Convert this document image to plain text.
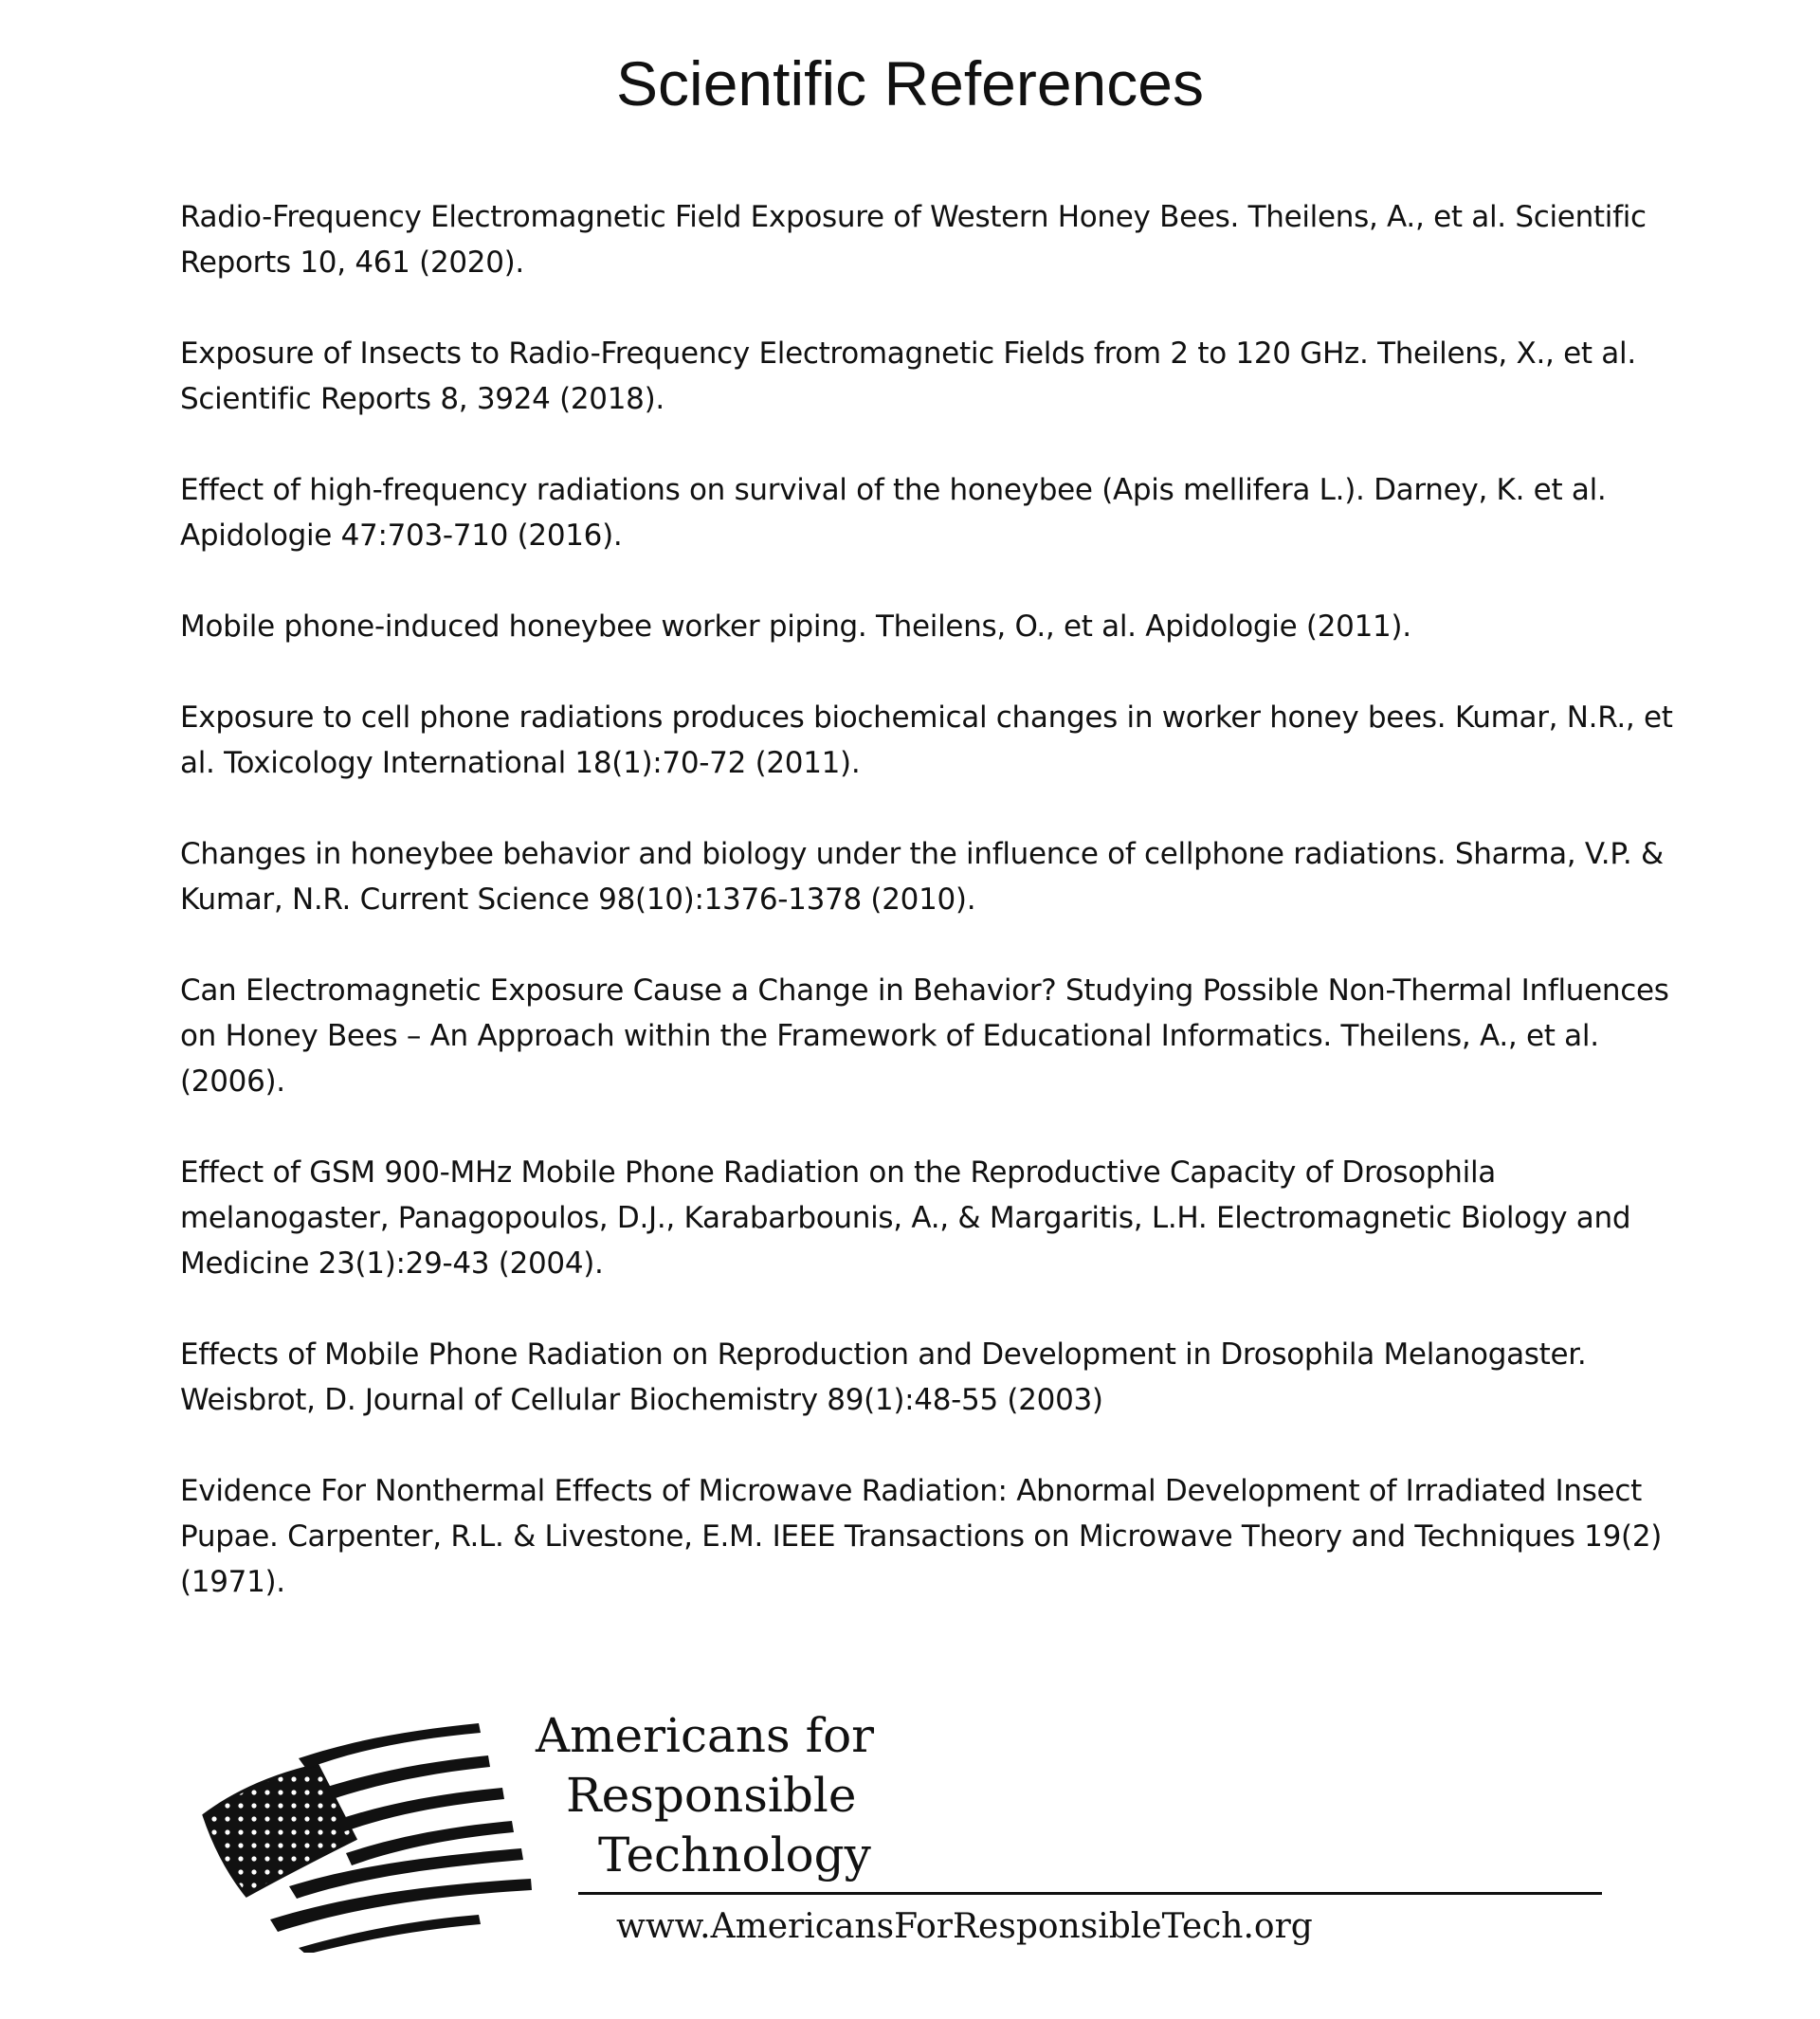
Scientific References
Radio-Frequency Electromagnetic Field Exposure of Western Honey Bees. Theilens, A., et al. Scientific Reports 10, 461 (2020).
Exposure of Insects to Radio-Frequency Electromagnetic Fields from 2 to 120 GHz. Theilens, X., et al. Scientific Reports 8, 3924 (2018).
Effect of high-frequency radiations on survival of the honeybee (Apis mellifera L.). Darney, K. et al. Apidologie 47:703-710 (2016).
Mobile phone-induced honeybee worker piping. Theilens, O., et al. Apidologie (2011).
Exposure to cell phone radiations produces biochemical changes in worker honey bees. Kumar, N.R., et al. Toxicology International 18(1):70-72 (2011).
Changes in honeybee behavior and biology under the influence of cellphone radiations. Sharma, V.P. & Kumar, N.R. Current Science 98(10):1376-1378 (2010).
Can Electromagnetic Exposure Cause a Change in Behavior? Studying Possible Non-Thermal Influences on Honey Bees – An Approach within the Framework of Educational Informatics. Theilens, A., et al. (2006).
Effect of GSM 900-MHz Mobile Phone Radiation on the Reproductive Capacity of Drosophila melanogaster, Panagopoulos, D.J., Karabarbounis, A., & Margaritis, L.H. Electromagnetic Biology and Medicine 23(1):29-43 (2004).
Effects of Mobile Phone Radiation on Reproduction and Development in Drosophila Melanogaster. Weisbrot, D. Journal of Cellular Biochemistry 89(1):48-55 (2003)
Evidence For Nonthermal Effects of Microwave Radiation: Abnormal Development of Irradiated Insect Pupae. Carpenter, R.L. & Livestone, E.M. IEEE Transactions on Microwave Theory and Techniques 19(2) (1971).
Americans for
Responsible
Technology
www.AmericansForResponsibleTech.org
